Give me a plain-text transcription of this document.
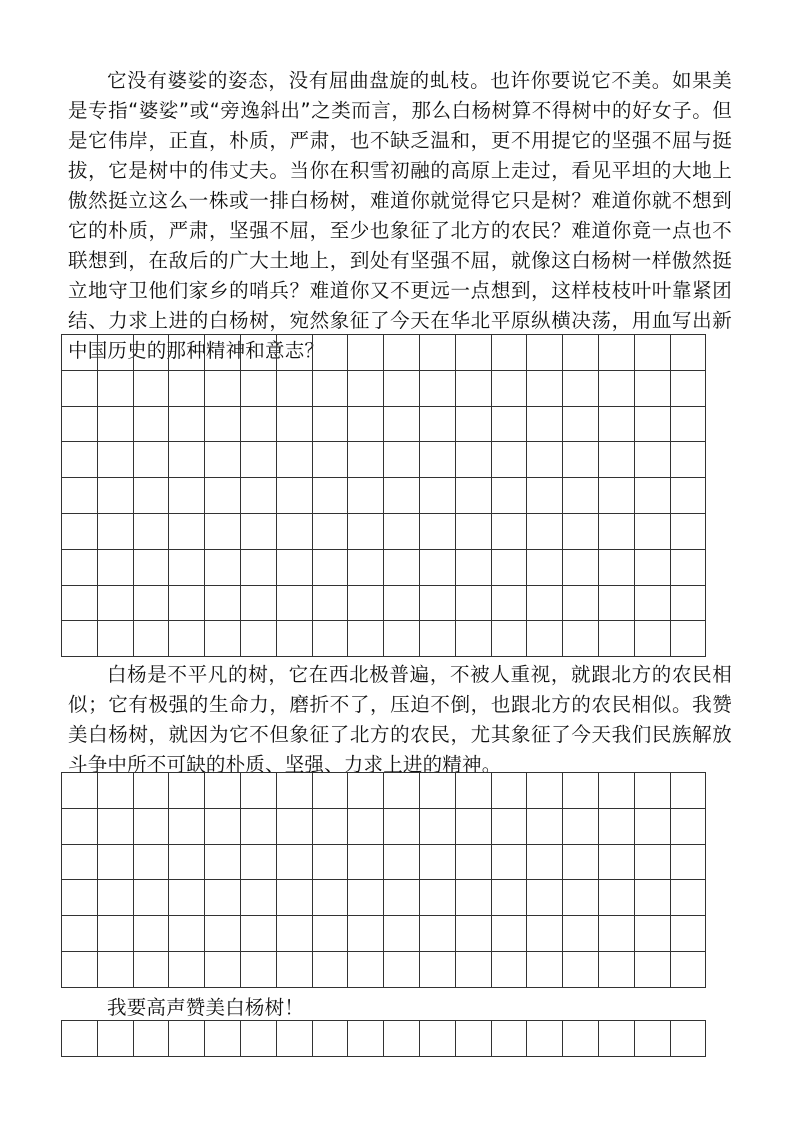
它没有婆娑的姿态，没有屈曲盘旋的虬枝。也许你要说它不美。如果美是专指“婆娑”或“旁逸斜出”之类而言，那么白杨树算不得树中的好女子。但是它伟岸，正直，朴质，严肃，也不缺乏温和，更不用提它的坚强不屈与挺拔，它是树中的伟丈夫。当你在积雪初融的高原上走过，看见平坦的大地上傲然挺立这么一株或一排白杨树，难道你就觉得它只是树？难道你就不想到它的朴质，严肃，坚强不屈，至少也象征了北方的农民？难道你竟一点也不联想到，在敌后的广大土地上，到处有坚强不屈，就像这白杨树一样傲然挺立地守卫他们家乡的哨兵？难道你又不更远一点想到，这样枝枝叶叶靠紧团结、力求上进的白杨树，宛然象征了今天在华北平原纵横决荡，用血写出新中国历史的那种精神和意志？

白杨是不平凡的树，它在西北极普遍，不被人重视，就跟北方的农民相似；它有极强的生命力，磨折不了，压迫不倒，也跟北方的农民相似。我赞美白杨树，就因为它不但象征了北方的农民，尤其象征了今天我们民族解放斗争中所不可缺的朴质、坚强、力求上进的精神。

我要高声赞美白杨树！
